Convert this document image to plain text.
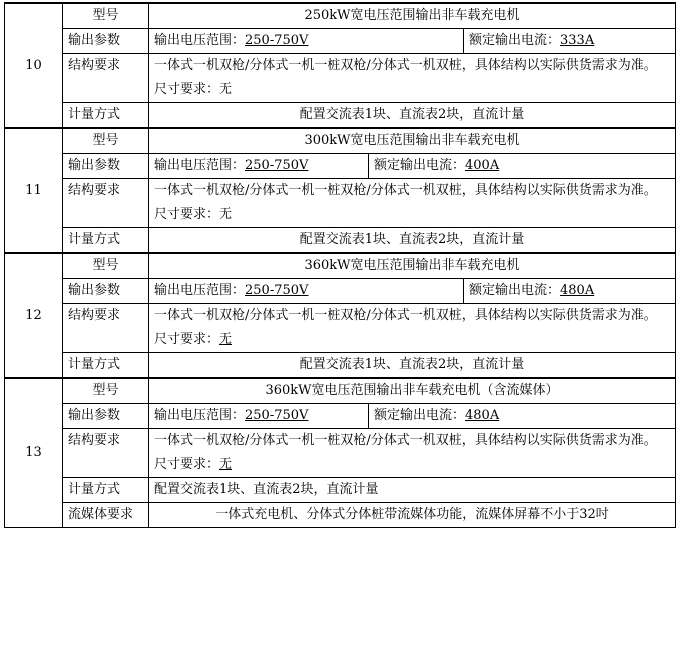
10	型号	250kW宽电压范围输出非车载充电机		
	输出参数	输出电压范围：250-750V		额定输出电流：333A
	结构要求	一体式一机双枪/分体式一机一桩双枪/分体式一机双桩，具体结构以实际供货需求为准。
尺寸要求：无		

	计量方式	配置交流表1块、直流表2块，直流计量		
11	型号	300kW宽电压范围输出非车载充电机		
	输出参数	输出电压范围：250-750V	额定输出电流：400A	
	结构要求	一体式一机双枪/分体式一机一桩双枪/分体式一机双桩，具体结构以实际供货需求为准。
尺寸要求：无		

	计量方式	配置交流表1块、直流表2块，直流计量		
12	型号	360kW宽电压范围输出非车载充电机		
	输出参数	输出电压范围：250-750V		额定输出电流：480A
	结构要求	一体式一机双枪/分体式一机一桩双枪/分体式一机双桩，具体结构以实际供货需求为准。
尺寸要求：无		

	计量方式	配置交流表1块、直流表2块，直流计量		
13	型号	360kW宽电压范围输出非车载充电机（含流媒体）		
	输出参数	输出电压范围：250-750V	额定输出电流：480A	
	结构要求	一体式一机双枪/分体式一机一桩双枪/分体式一机双桩，具体结构以实际供货需求为准。
尺寸要求：无		

	计量方式	配置交流表1块、直流表2块，直流计量		
	流媒体要求	一体式充电机、分体式分体桩带流媒体功能，流媒体屏幕不小于32吋		
